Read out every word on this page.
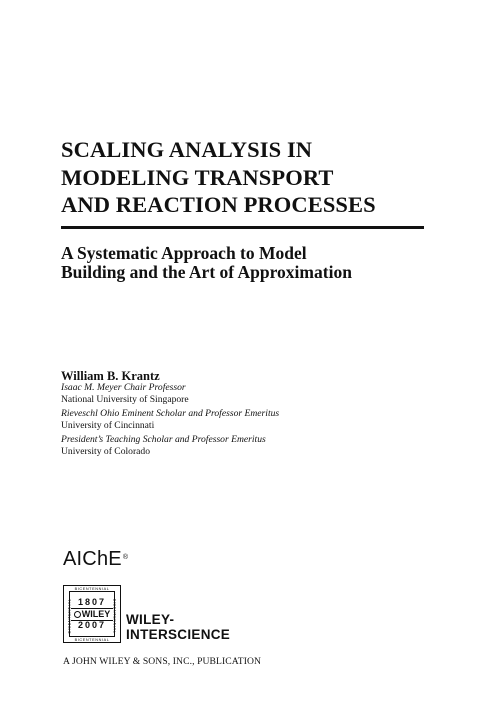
SCALING ANALYSIS IN
MODELING TRANSPORT
AND REACTION PROCESSES
A Systematic Approach to Model
Building and the Art of Approximation
William B. Krantz
Isaac M. Meyer Chair Professor
National University of Singapore
Rieveschl Ohio Eminent Scholar and Professor Emeritus
University of Cincinnati
President’s Teaching Scholar and Professor Emeritus
University of Colorado
AIChE®
BICENTENNIAL
BICENTENNIAL
BICENTENNIAL	BICENTENNIAL
1807
WILEY
2007	WILEY-
INTERSCIENCE
A JOHN WILEY & SONS, INC., PUBLICATION
